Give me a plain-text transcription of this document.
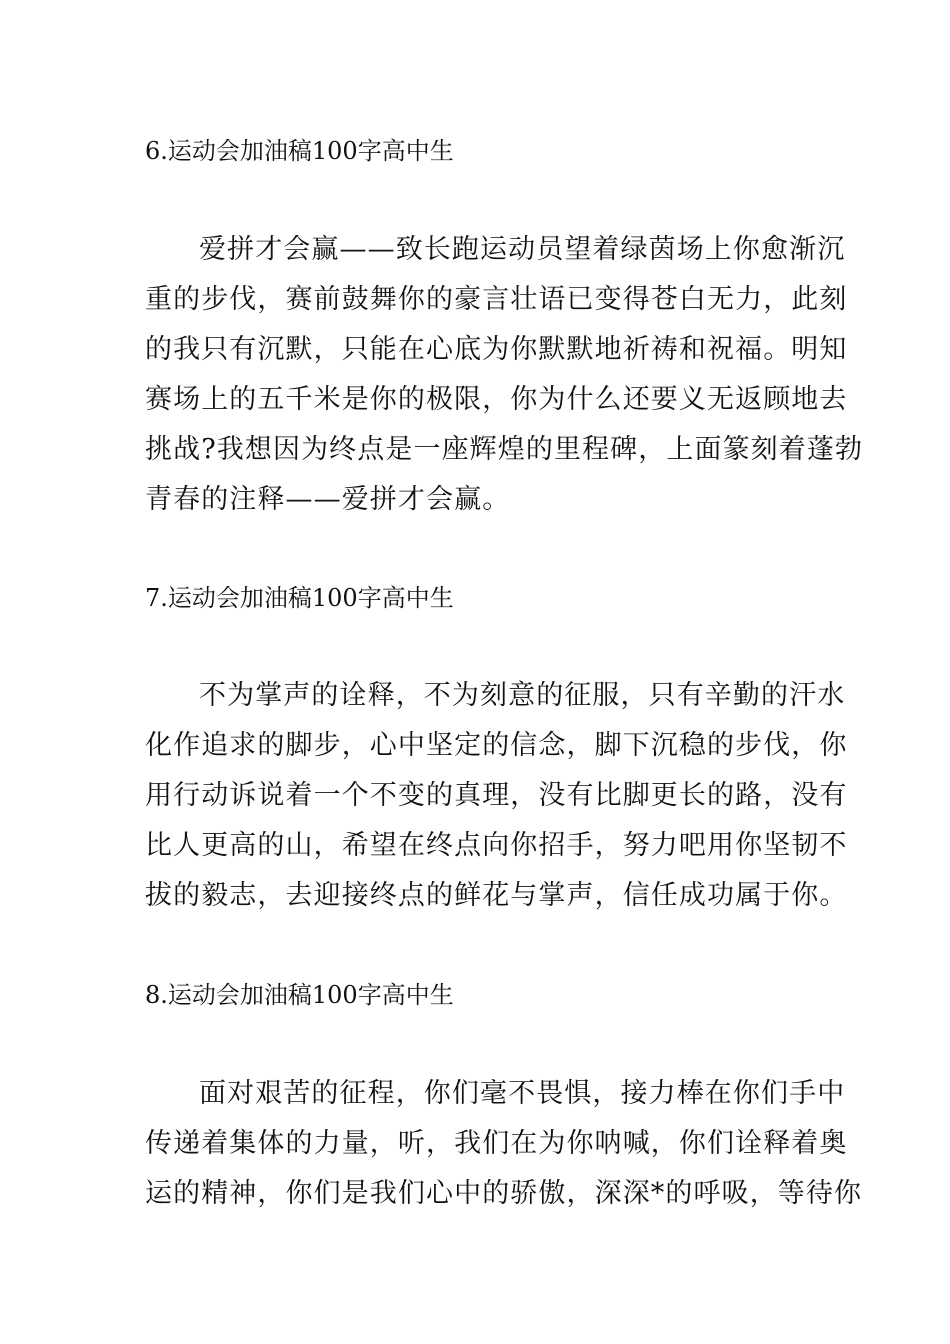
6.运动会加油稿100字高中生
爱拼才会赢——致长跑运动员望着绿茵场上你愈渐沉
重的步伐，赛前鼓舞你的豪言壮语已变得苍白无力，此刻
的我只有沉默，只能在心底为你默默地祈祷和祝福。明知
赛场上的五千米是你的极限，你为什么还要义无返顾地去
挑战?我想因为终点是一座辉煌的里程碑，上面篆刻着蓬勃
青春的注释——爱拼才会赢。
7.运动会加油稿100字高中生
不为掌声的诠释，不为刻意的征服，只有辛勤的汗水
化作追求的脚步，心中坚定的信念，脚下沉稳的步伐，你
用行动诉说着一个不变的真理，没有比脚更长的路，没有
比人更高的山，希望在终点向你招手，努力吧用你坚韧不
拔的毅志，去迎接终点的鲜花与掌声，信任成功属于你。
8.运动会加油稿100字高中生
面对艰苦的征程，你们毫不畏惧，接力棒在你们手中
传递着集体的力量，听，我们在为你呐喊，你们诠释着奥
运的精神，你们是我们心中的骄傲，深深*的呼吸，等待你
